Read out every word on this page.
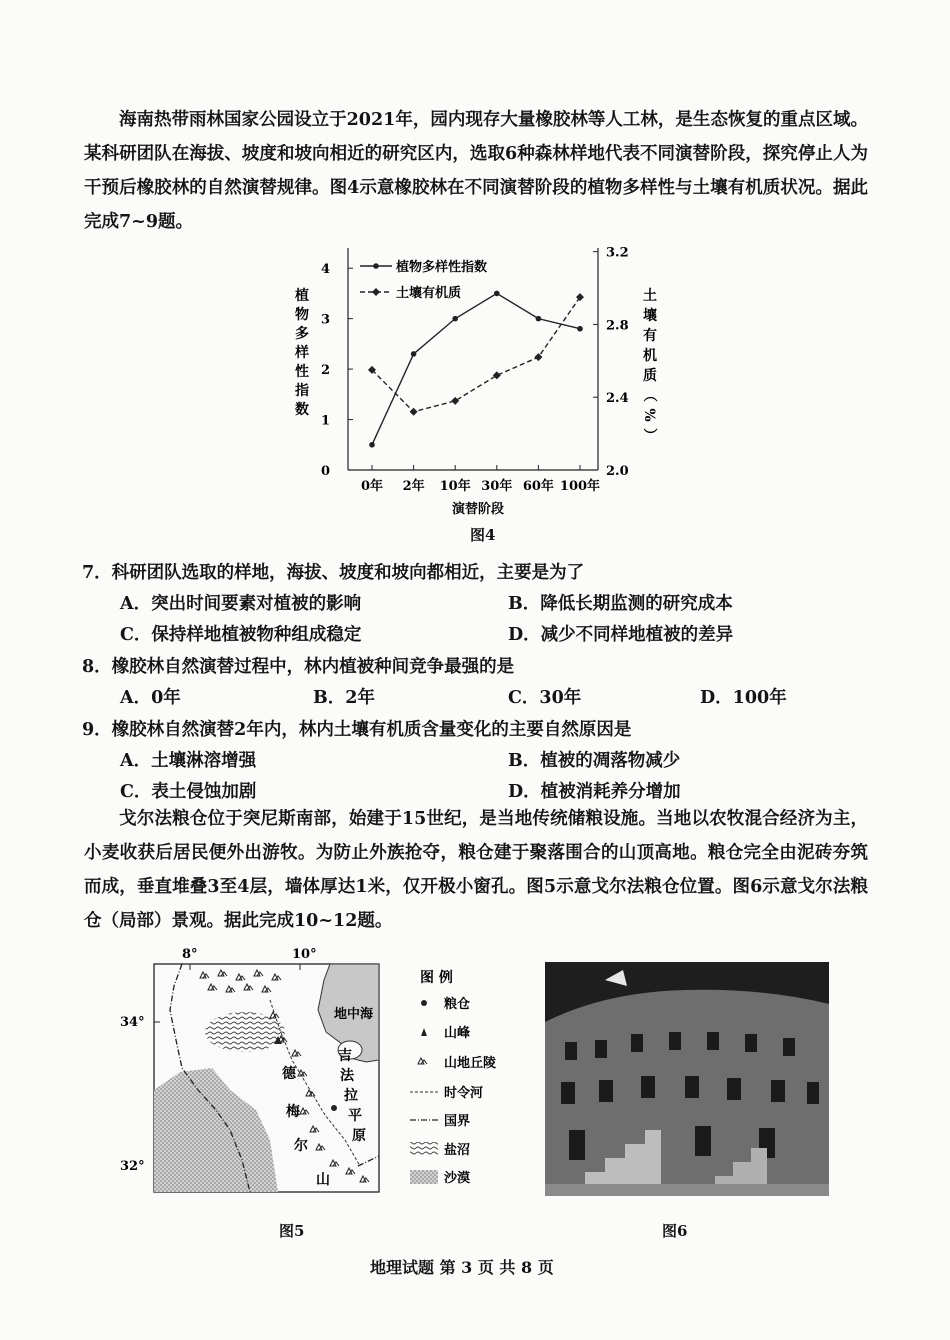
海南热带雨林国家公园设立于2021年，园内现存大量橡胶林等人工林，是生态恢复的重点区域。某科研团队在海拔、坡度和坡向相近的研究区内，选取6种森林样地代表不同演替阶段，探究停止人为干预后橡胶林的自然演替规律。图4示意橡胶林在不同演替阶段的植物多样性与土壤有机质状况。据此完成7~9题。
0
1
2
3
4
2.0
2.4
2.8
3.2
0年 2年 10年 30年 60年 100年
演替阶段
植
物
多
样
性
指
数
土
壤
有
机
质
（
%
）
植物多样性指数
土壤有机质
图4
7．科研团队选取的样地，海拔、坡度和坡向都相近，主要是为了
A．突出时间要素对植被的影响	B．降低长期监测的研究成本
C．保持样地植被物种组成稳定	D．减少不同样地植被的差异
8．橡胶林自然演替过程中，林内植被种间竞争最强的是
A．0年	B．2年	C．30年	D．100年
9．橡胶林自然演替2年内，林内土壤有机质含量变化的主要自然原因是
A．土壤淋溶增强	B．植被的凋落物减少
C．表土侵蚀加剧	D．植被消耗养分增加
戈尔法粮仓位于突尼斯南部，始建于15世纪，是当地传统储粮设施。当地以农牧混合经济为主，小麦收获后居民便外出游牧。为防止外族抢夺，粮仓建于聚落围合的山顶高地。粮仓完全由泥砖夯筑而成，垂直堆叠3至4层，墙体厚达1米，仅开极小窗孔。图5示意戈尔法粮仓位置。图6示意戈尔法粮仓（局部）景观。据此完成10~12题。
8°	10°
34°
32°
地中海
吉
法
拉
平
原
德
梅
尔
山
图 例
粮仓
山峰
山地丘陵
时令河
国界
盐沼
沙漠
图5	图6
地理试题 第 3 页 共 8 页
